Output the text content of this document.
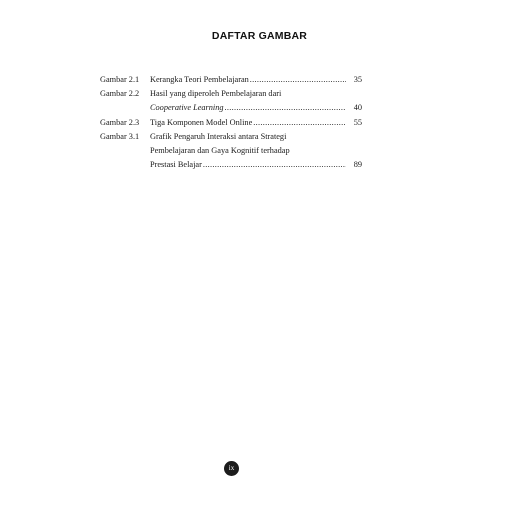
DAFTAR GAMBAR
Gambar 2.1	Kerangka Teori Pembelajaran .....	35
Gambar 2.2	Hasil yang diperoleh Pembelajaran dari
Cooperative Learning .....	40
Gambar 2.3	Tiga Komponen Model Online .....	55
Gambar 3.1	Grafik Pengaruh Interaksi antara Strategi
Pembelajaran dan Gaya Kognitif terhadap
Prestasi Belajar .....	89
ix
